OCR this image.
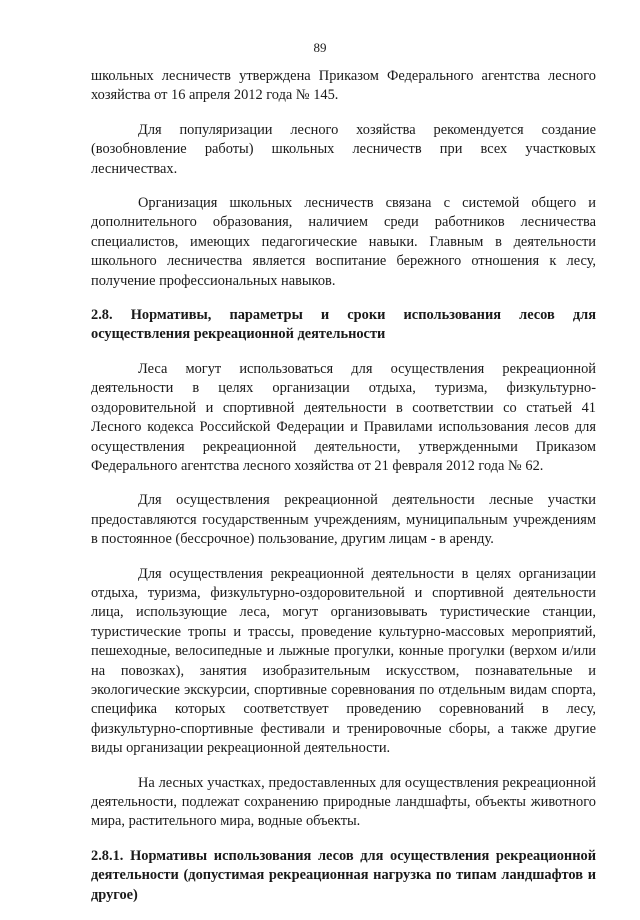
89

школьных лесничеств утверждена Приказом Федерального агентства лесного хозяйства от 16 апреля 2012 года № 145.

Для популяризации лесного хозяйства рекомендуется создание (возобновление работы) школьных лесничеств при всех участковых лесничествах.

Организация школьных лесничеств связана с системой общего и дополнительного образования, наличием среди работников лесничества специалистов, имеющих педагогические навыки. Главным в деятельности школьного лесничества является воспитание бережного отношения к лесу, получение профессиональных навыков.

2.8. Нормативы, параметры и сроки использования лесов для осуществления рекреационной деятельности

Леса могут использоваться для осуществления рекреационной деятельности в целях организации отдыха, туризма, физкультурно-оздоровительной и спортивной деятельности в соответствии со статьей 41 Лесного кодекса Российской Федерации и Правилами использования лесов для осуществления рекреационной деятельности, утвержденными Приказом Федерального агентства лесного хозяйства от 21 февраля 2012 года № 62.

Для осуществления рекреационной деятельности лесные участки предоставляются государственным учреждениям, муниципальным учреждениям в постоянное (бессрочное) пользование, другим лицам - в аренду.

Для осуществления рекреационной деятельности в целях организации отдыха, туризма, физкультурно-оздоровительной и спортивной деятельности лица, использующие леса, могут организовывать туристические станции, туристические тропы и трассы, проведение культурно-массовых мероприятий, пешеходные, велосипедные и лыжные прогулки, конные прогулки (верхом и/или на повозках), занятия изобразительным искусством, познавательные и экологические экскурсии, спортивные соревнования по отдельным видам спорта, специфика которых соответствует проведению соревнований в лесу, физкультурно-спортивные фестивали и тренировочные сборы, а также другие виды организации рекреационной деятельности.

На лесных участках, предоставленных для осуществления рекреационной деятельности, подлежат сохранению природные ландшафты, объекты животного мира, растительного мира, водные объекты.

2.8.1. Нормативы использования лесов для осуществления рекреационной деятельности (допустимая рекреационная нагрузка по типам ландшафтов и другое)
